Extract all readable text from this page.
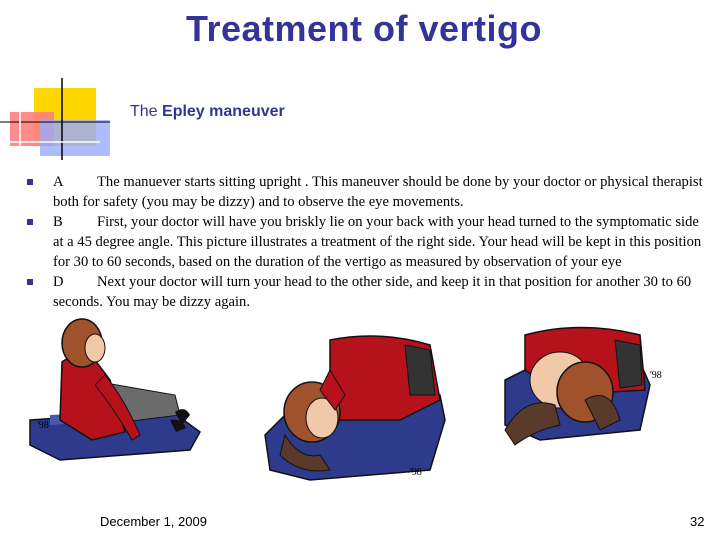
Treatment of vertigo
The Epley maneuver
A The manuever starts sitting upright . This maneuver should be done by your doctor or physical therapist both for safety (you may be dizzy) and to observe the eye movements.
B First, your doctor will have you briskly lie on your back with your head turned to the symptomatic side at a 45 degree angle. This picture illustrates a treatment of the right side. Your head will be kept in this position for 30 to 60 seconds, based on the duration of the vertigo as measured by observation of your eye
D Next your doctor will turn your head to the other side, and keep it in that position for another 30 to 60 seconds. You may be dizzy again.
'98
'98
'98
December 1, 2009	32
